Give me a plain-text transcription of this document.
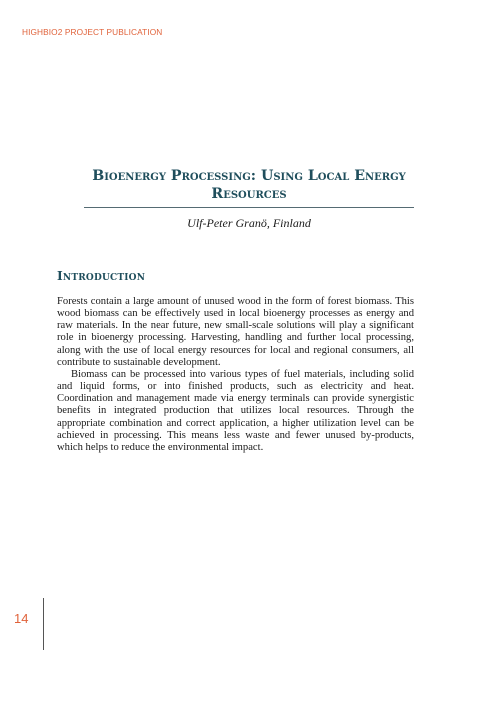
HIGHBIO2 PROJECT PUBLICATION
Bioenergy Processing: Using Local Energy Resources
Ulf-Peter Granö, Finland
Introduction

Forests contain a large amount of unused wood in the form of forest biomass. This wood biomass can be effectively used in local bioenergy processes as energy and raw materials. In the near future, new small-scale solutions will play a significant role in bioenergy processing. Harvesting, handling and further local processing, along with the use of local energy resources for local and regional consumers, all contribute to sustainable development.

Biomass can be processed into various types of fuel materials, including solid and liquid forms, or into finished products, such as electricity and heat. Coordination and management made via energy terminals can provide synergistic benefits in integrated production that utilizes local resources. Through the appropriate combination and correct application, a higher utilization level can be achieved in processing. This means less waste and fewer unused by-products, which helps to reduce the environmental impact.

14
